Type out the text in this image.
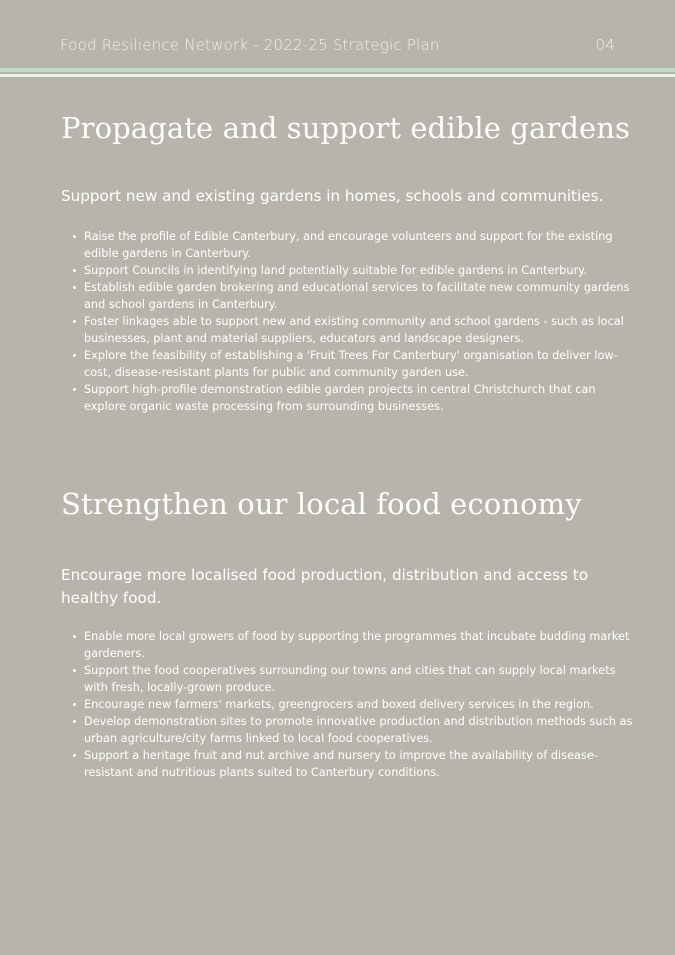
Food Resilience Network - 2022-25 Strategic Plan	04
Propagate and support edible gardens

Support new and existing gardens in homes, schools and communities.

Raise the profile of Edible Canterbury, and encourage volunteers and support for the existing edible gardens in Canterbury.
Support Councils in identifying land potentially suitable for edible gardens in Canterbury.
Establish edible garden brokering and educational services to facilitate new community gardens and school gardens in Canterbury.
Foster linkages able to support new and existing community and school gardens - such as local businesses, plant and material suppliers, educators and landscape designers.
Explore the feasibility of establishing a 'Fruit Trees For Canterbury' organisation to deliver low-cost, disease-resistant plants for public and community garden use.
Support high-profile demonstration edible garden projects in central Christchurch that can explore organic waste processing from surrounding businesses.
Strengthen our local food economy

Encourage more localised food production, distribution and access to healthy food.

Enable more local growers of food by supporting the programmes that incubate budding market gardeners.
Support the food cooperatives surrounding our towns and cities that can supply local markets with fresh, locally-grown produce.
Encourage new farmers' markets, greengrocers and boxed delivery services in the region.
Develop demonstration sites to promote innovative production and distribution methods such as urban agriculture/city farms linked to local food cooperatives.
Support a heritage fruit and nut archive and nursery to improve the availability of disease-resistant and nutritious plants suited to Canterbury conditions.
